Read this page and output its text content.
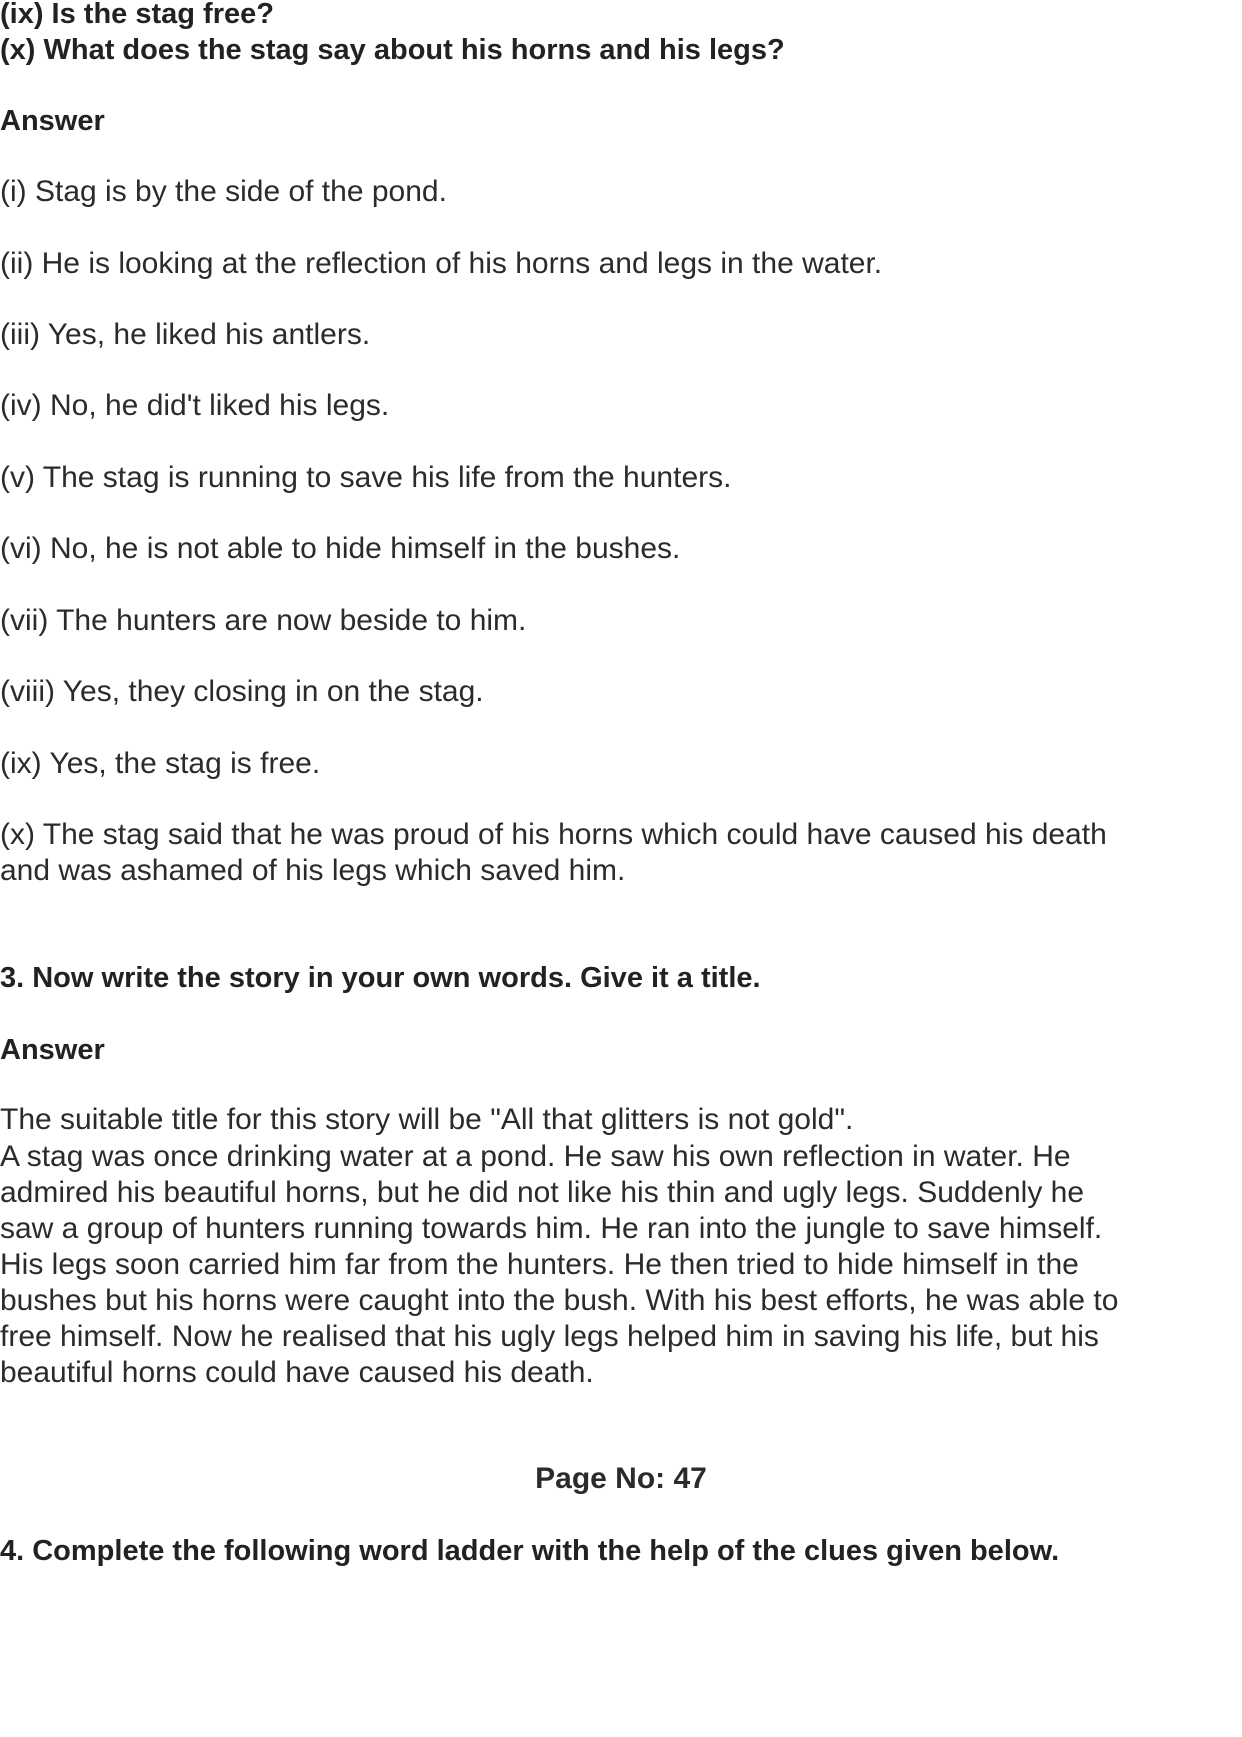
(ix) Is the stag free?

(x) What does the stag say about his horns and his legs?

Answer

(i) Stag is by the side of the pond.

(ii) He is looking at the reflection of his horns and legs in the water.

(iii) Yes, he liked his antlers.

(iv) No, he did't liked his legs.

(v) The stag is running to save his life from the hunters.

(vi) No, he is not able to hide himself in the bushes.

(vii) The hunters are now beside to him.

(viii) Yes, they closing in on the stag.

(ix) Yes, the stag is free.

(x) The stag said that he was proud of his horns which could have caused his death

and was ashamed of his legs which saved him.

3. Now write the story in your own words. Give it a title.

Answer

The suitable title for this story will be "All that glitters is not gold".

A stag was once drinking water at a pond. He saw his own reflection in water. He

admired his beautiful horns, but he did not like his thin and ugly legs. Suddenly he

saw a group of hunters running towards him. He ran into the jungle to save himself.

His legs soon carried him far from the hunters. He then tried to hide himself in the

bushes but his horns were caught into the bush. With his best efforts, he was able to

free himself. Now he realised that his ugly legs helped him in saving his life, but his

beautiful horns could have caused his death.

Page No: 47

4. Complete the following word ladder with the help of the clues given below.
